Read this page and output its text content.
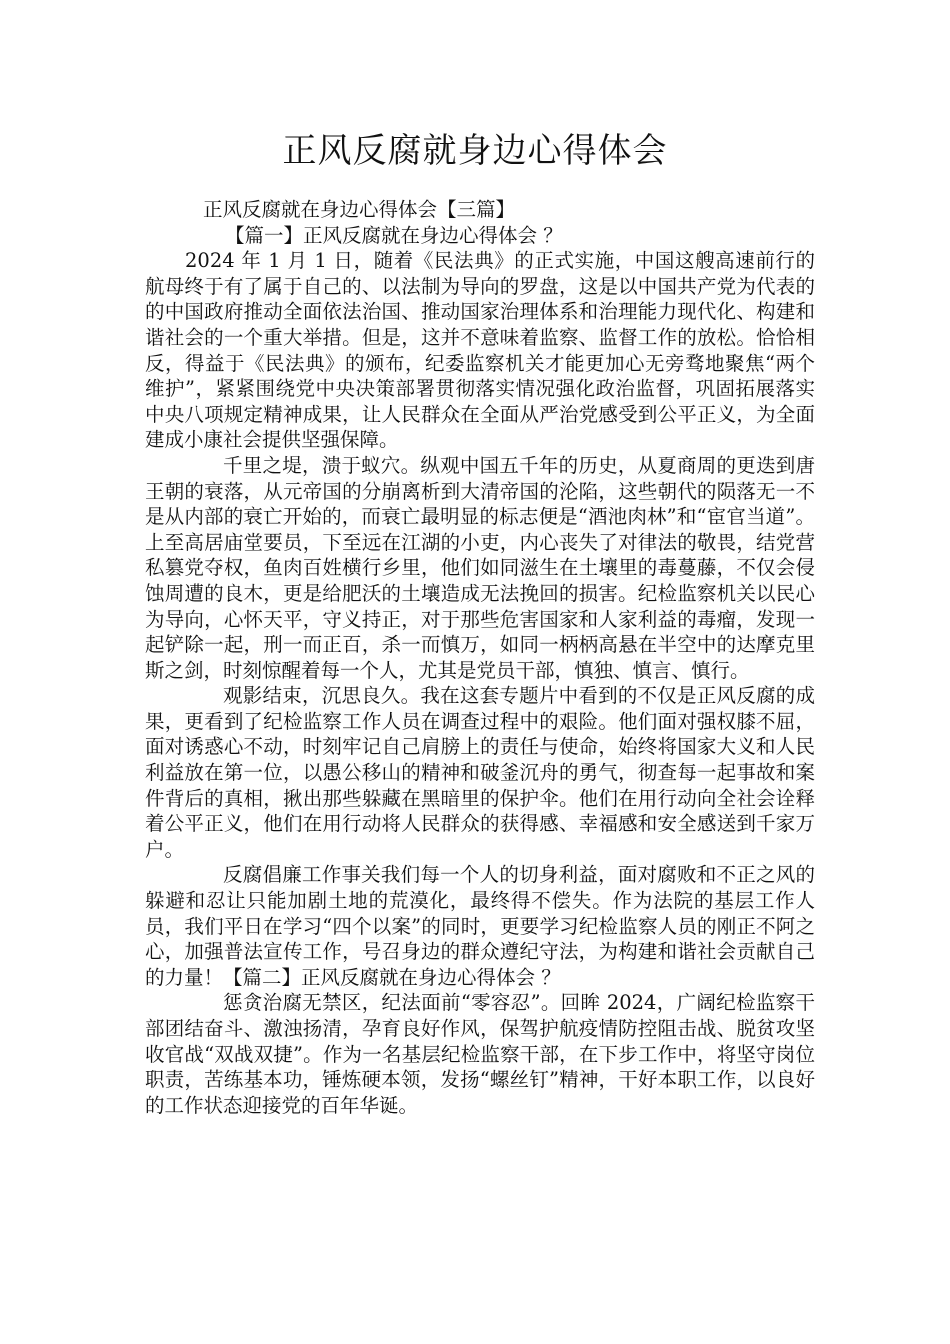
正风反腐就身边心得体会

正风反腐就在身边心得体会【三篇】

【篇一】正风反腐就在身边心得体会 ？

2024 年 1 月 1 日，随着《民法典》的正式实施，中国这艘高速前行的航母终于有了属于自己的、以法制为导向的罗盘，这是以中国共产党为代表的的中国政府推动全面依法治国、推动国家治理体系和治理能力现代化、构建和谐社会的一个重大举措。但是，这并不意味着监察、监督工作的放松。恰恰相反，得益于《民法典》的颁布，纪委监察机关才能更加心无旁骛地聚焦“两个维护”，紧紧围绕党中央决策部署贯彻落实情况强化政治监督，巩固拓展落实中央八项规定精神成果，让人民群众在全面从严治党感受到公平正义，为全面建成小康社会提供坚强保障。

千里之堤，溃于蚁穴。纵观中国五千年的历史，从夏商周的更迭到唐王朝的衰落，从元帝国的分崩离析到大清帝国的沦陷，这些朝代的陨落无一不是从内部的衰亡开始的，而衰亡最明显的标志便是“酒池肉林”和“宦官当道”。上至高居庙堂要员，下至远在江湖的小吏，内心丧失了对律法的敬畏，结党营私篡党夺权，鱼肉百姓横行乡里，他们如同滋生在土壤里的毒蔓藤，不仅会侵蚀周遭的良木，更是给肥沃的土壤造成无法挽回的损害。纪检监察机关以民心为导向，心怀天平，守义持正，对于那些危害国家和人家利益的毒瘤，发现一起铲除一起，刑一而正百，杀一而慎万，如同一柄柄高悬在半空中的达摩克里斯之剑，时刻惊醒着每一个人，尤其是党员干部，慎独、慎言、慎行。

观影结束，沉思良久。我在这套专题片中看到的不仅是正风反腐的成果，更看到了纪检监察工作人员在调查过程中的艰险。他们面对强权膝不屈，面对诱惑心不动，时刻牢记自己肩膀上的责任与使命，始终将国家大义和人民利益放在第一位，以愚公移山的精神和破釜沉舟的勇气，彻查每一起事故和案件背后的真相，揪出那些躲藏在黑暗里的保护伞。他们在用行动向全社会诠释着公平正义，他们在用行动将人民群众的获得感、幸福感和安全感送到千家万户。

反腐倡廉工作事关我们每一个人的切身利益，面对腐败和不正之风的躲避和忍让只能加剧土地的荒漠化，最终得不偿失。作为法院的基层工作人员，我们平日在学习“四个以案”的同时，更要学习纪检监察人员的刚正不阿之心，加强普法宣传工作，号召身边的群众遵纪守法，为构建和谐社会贡献自己的力量！【篇二】正风反腐就在身边心得体会 ？

惩贪治腐无禁区，纪法面前“零容忍”。回眸 2024，广阔纪检监察干部团结奋斗、激浊扬清，孕育良好作风，保驾护航疫情防控阻击战、脱贫攻坚收官战“双战双捷”。作为一名基层纪检监察干部，在下步工作中，将坚守岗位职责，苦练基本功，锤炼硬本领，发扬“螺丝钉”精神，干好本职工作，以良好的工作状态迎接党的百年华诞。
